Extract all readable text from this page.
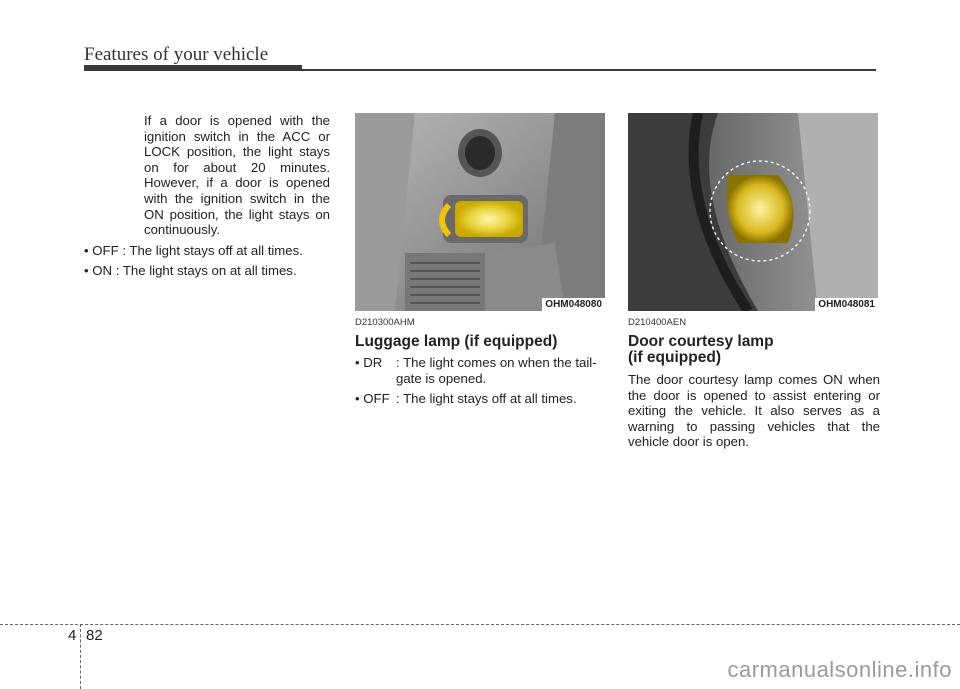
Features of your vehicle
If a door is opened with the ignition switch in the ACC or LOCK position, the light stays on for about 20 minutes. However, if a door is opened with the ignition switch in the ON position, the light stays on continuously.
• OFF : The light stays off at all times.
• ON : The light stays on at all times.
OHM048080	OHM048081
D210300AHM
Luggage lamp (if equipped)
• DR	: The light comes on when the tail-gate is opened.
• OFF : The light stays off at all times.
D210400AEN
Door courtesy lamp
(if equipped)
The door courtesy lamp comes ON when the door is opened to assist entering or exiting the vehicle. It also serves as a warning to passing vehicles that the vehicle door is open.
4 82
carmanualsonline.info
